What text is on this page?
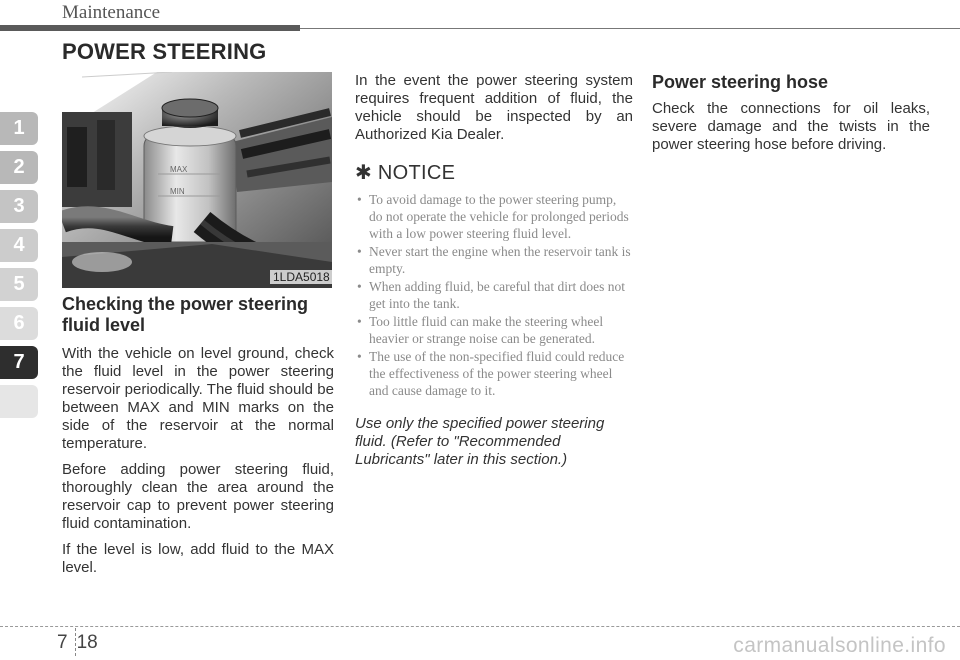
Maintenance
POWER STEERING
1
2
3
4
5
6
7
MAX
MIN
1LDA5018
Checking the power steering fluid level

With the vehicle on level ground, check the fluid level in the power steering reservoir periodically. The fluid should be between MAX and MIN marks on the side of the reservoir at the normal temperature.

Before adding power steering fluid, thoroughly clean the area around the reservoir cap to prevent power steering fluid contamination.

If the level is low, add fluid to the MAX level.

In the event the power steering system requires frequent addition of fluid, the vehicle should be inspected by an Authorized Kia Dealer.
✱ NOTICE
• To avoid damage to the power steering pump, do not operate the vehicle for prolonged periods with a low power steering fluid level.
• Never start the engine when the reservoir tank is empty.
• When adding fluid, be careful that dirt does not get into the tank.
• Too little fluid can make the steering wheel heavier or strange noise can be generated.
• The use of the non-specified fluid could reduce the effectiveness of the power steering wheel and cause damage to it.
Use only the specified power steering fluid. (Refer to "Recommended Lubricants" later in this section.)
Power steering hose
Check the connections for oil leaks, severe damage and the twists in the power steering hose before driving.
7 18	carmanualsonline.info
